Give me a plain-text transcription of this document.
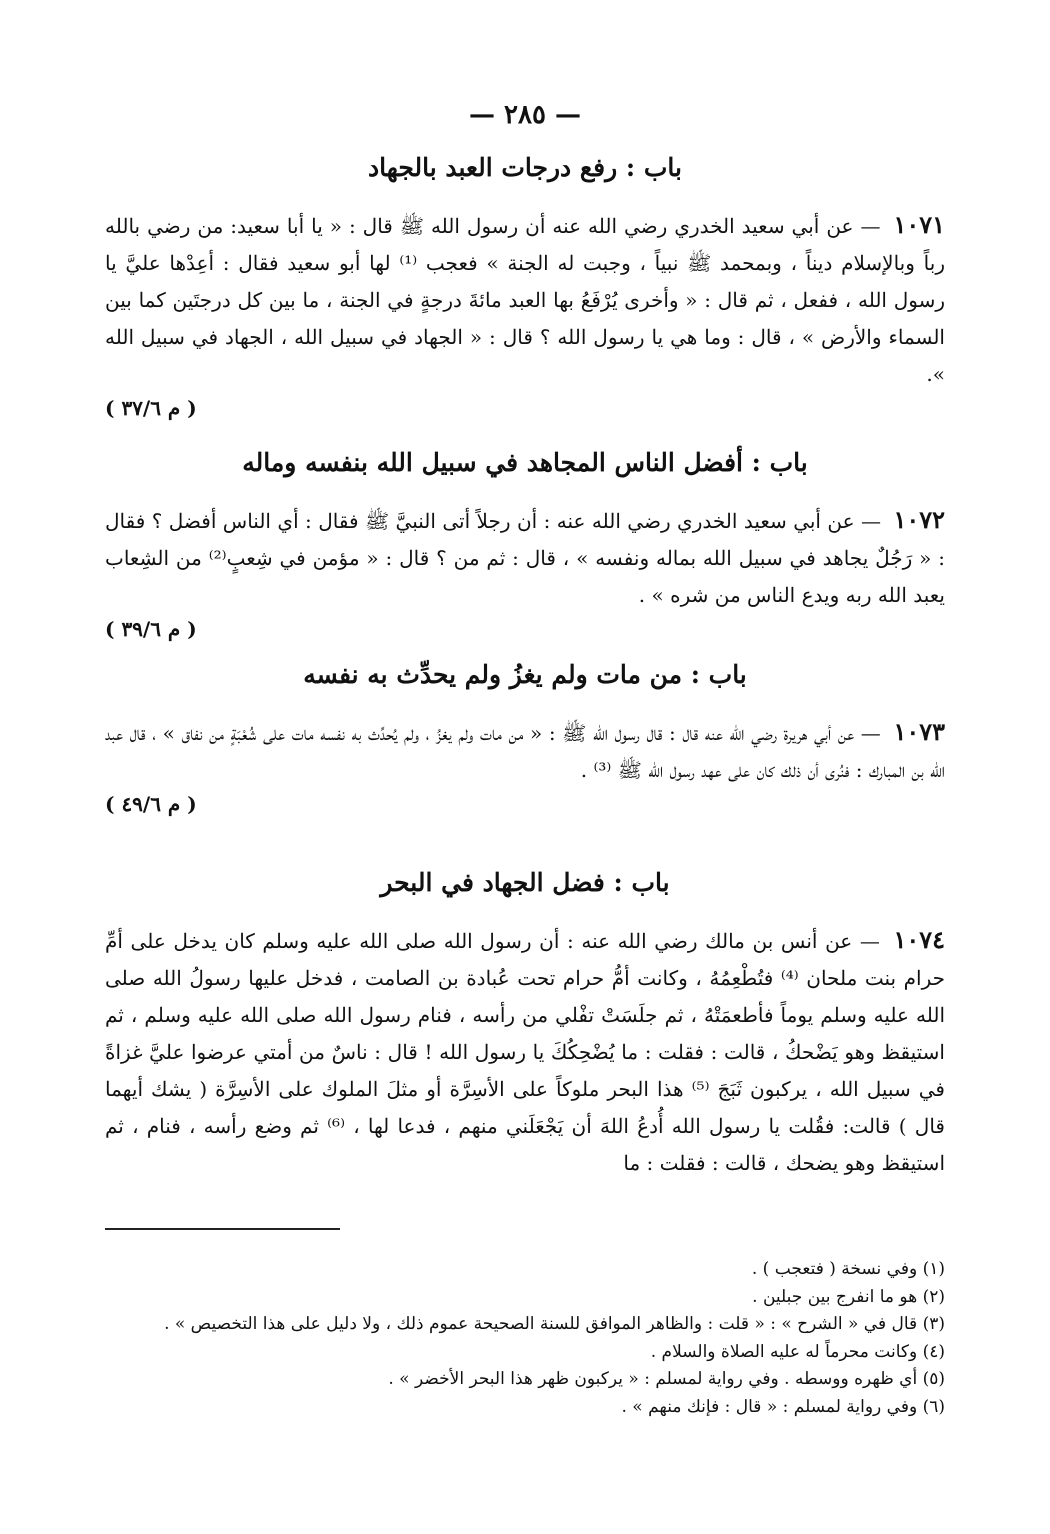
— ٢٨٥ —
باب : رفع درجات العبد بالجهاد

١٠٧١ — عن أبي سعيد الخدري رضي الله عنه أن رسول الله ﷺ قال : « يا أبا سعيد: من رضي بالله رباً وبالإسلام ديناً ، وبمحمد ﷺ نبياً ، وجبت له الجنة » فعجب ⁽¹⁾ لها أبو سعيد فقال : أعِدْها عليَّ يا رسول الله ، ففعل ، ثم قال : « وأخرى يُرْفَعُ بها العبد مائةَ درجةٍ في الجنة ، ما بين كل درجتَين كما بين السماء والأرض » ، قال : وما هي يا رسول الله ؟ قال : « الجهاد في سبيل الله ، الجهاد في سبيل الله ».

( م ٣٧/٦ )
باب : أفضل الناس المجاهد في سبيل الله بنفسه وماله

١٠٧٢ — عن أبي سعيد الخدري رضي الله عنه : أن رجلاً أتى النبيَّ ﷺ فقال : أي الناس أفضل ؟ فقال : « رَجُلٌ يجاهد في سبيل الله بماله ونفسه » ، قال : ثم من ؟ قال : « مؤمن في شِعبٍ⁽²⁾ من الشِعاب يعبد الله ربه ويدع الناس من شره » .

( م ٣٩/٦ )
باب : من مات ولم يغزُ ولم يحدِّث به نفسه

١٠٧٣ — عن أبي هريرة رضي الله عنه قال : قال رسول الله ﷺ : « من مات ولم يغزُ ، ولم يُحدِّث به نفسه مات على شُعْبَةٍ من نفاق » ، قال عبد الله بن المبارك : فنُرى أن ذلك كان على عهد رسول الله ﷺ ⁽³⁾ .

( م ٤٩/٦ )
باب : فضل الجهاد في البحر

١٠٧٤ — عن أنس بن مالك رضي الله عنه : أن رسول الله صلى الله عليه وسلم كان يدخل على أمِّ حرام بنت ملحان ⁽⁴⁾ فتُطْعِمُهُ ، وكانت أمُّ حرام تحت عُبادة بن الصامت ، فدخل عليها رسولُ الله صلى الله عليه وسلم يوماً فأطعمَتْهُ ، ثم جلَسَتْ تفْلي من رأسه ، فنام رسول الله صلى الله عليه وسلم ، ثم استيقظ وهو يَضْحكُ ، قالت : فقلت : ما يُضْحِكُكَ يا رسول الله ! قال : ناسٌ من أمتي عرضوا عليَّ غزاةً في سبيل الله ، يركبون ثَبَجَ ⁽⁵⁾ هذا البحر ملوكاً على الأسِرَّة أو مثلَ الملوك على الأسِرَّة ( يشك أيهما قال ) قالت: فقُلت يا رسول الله أُدعُ اللهَ أن يَجْعَلَني منهم ، فدعا لها ، ⁽⁶⁾ ثم وضع رأسه ، فنام ، ثم استيقظ وهو يضحك ، قالت : فقلت : ما

(١) وفي نسخة ( فتعجب ) .
(٢) هو ما انفرج بين جبلين .
(٣) قال في « الشرح » : « قلت : والظاهر الموافق للسنة الصحيحة عموم ذلك ، ولا دليل على هذا التخصيص » .
(٤) وكانت محرماً له عليه الصلاة والسلام .
(٥) أي ظهره ووسطه . وفي رواية لمسلم : « يركبون ظهر هذا البحر الأخضر » .
(٦) وفي رواية لمسلم : « قال : فإنك منهم » .
